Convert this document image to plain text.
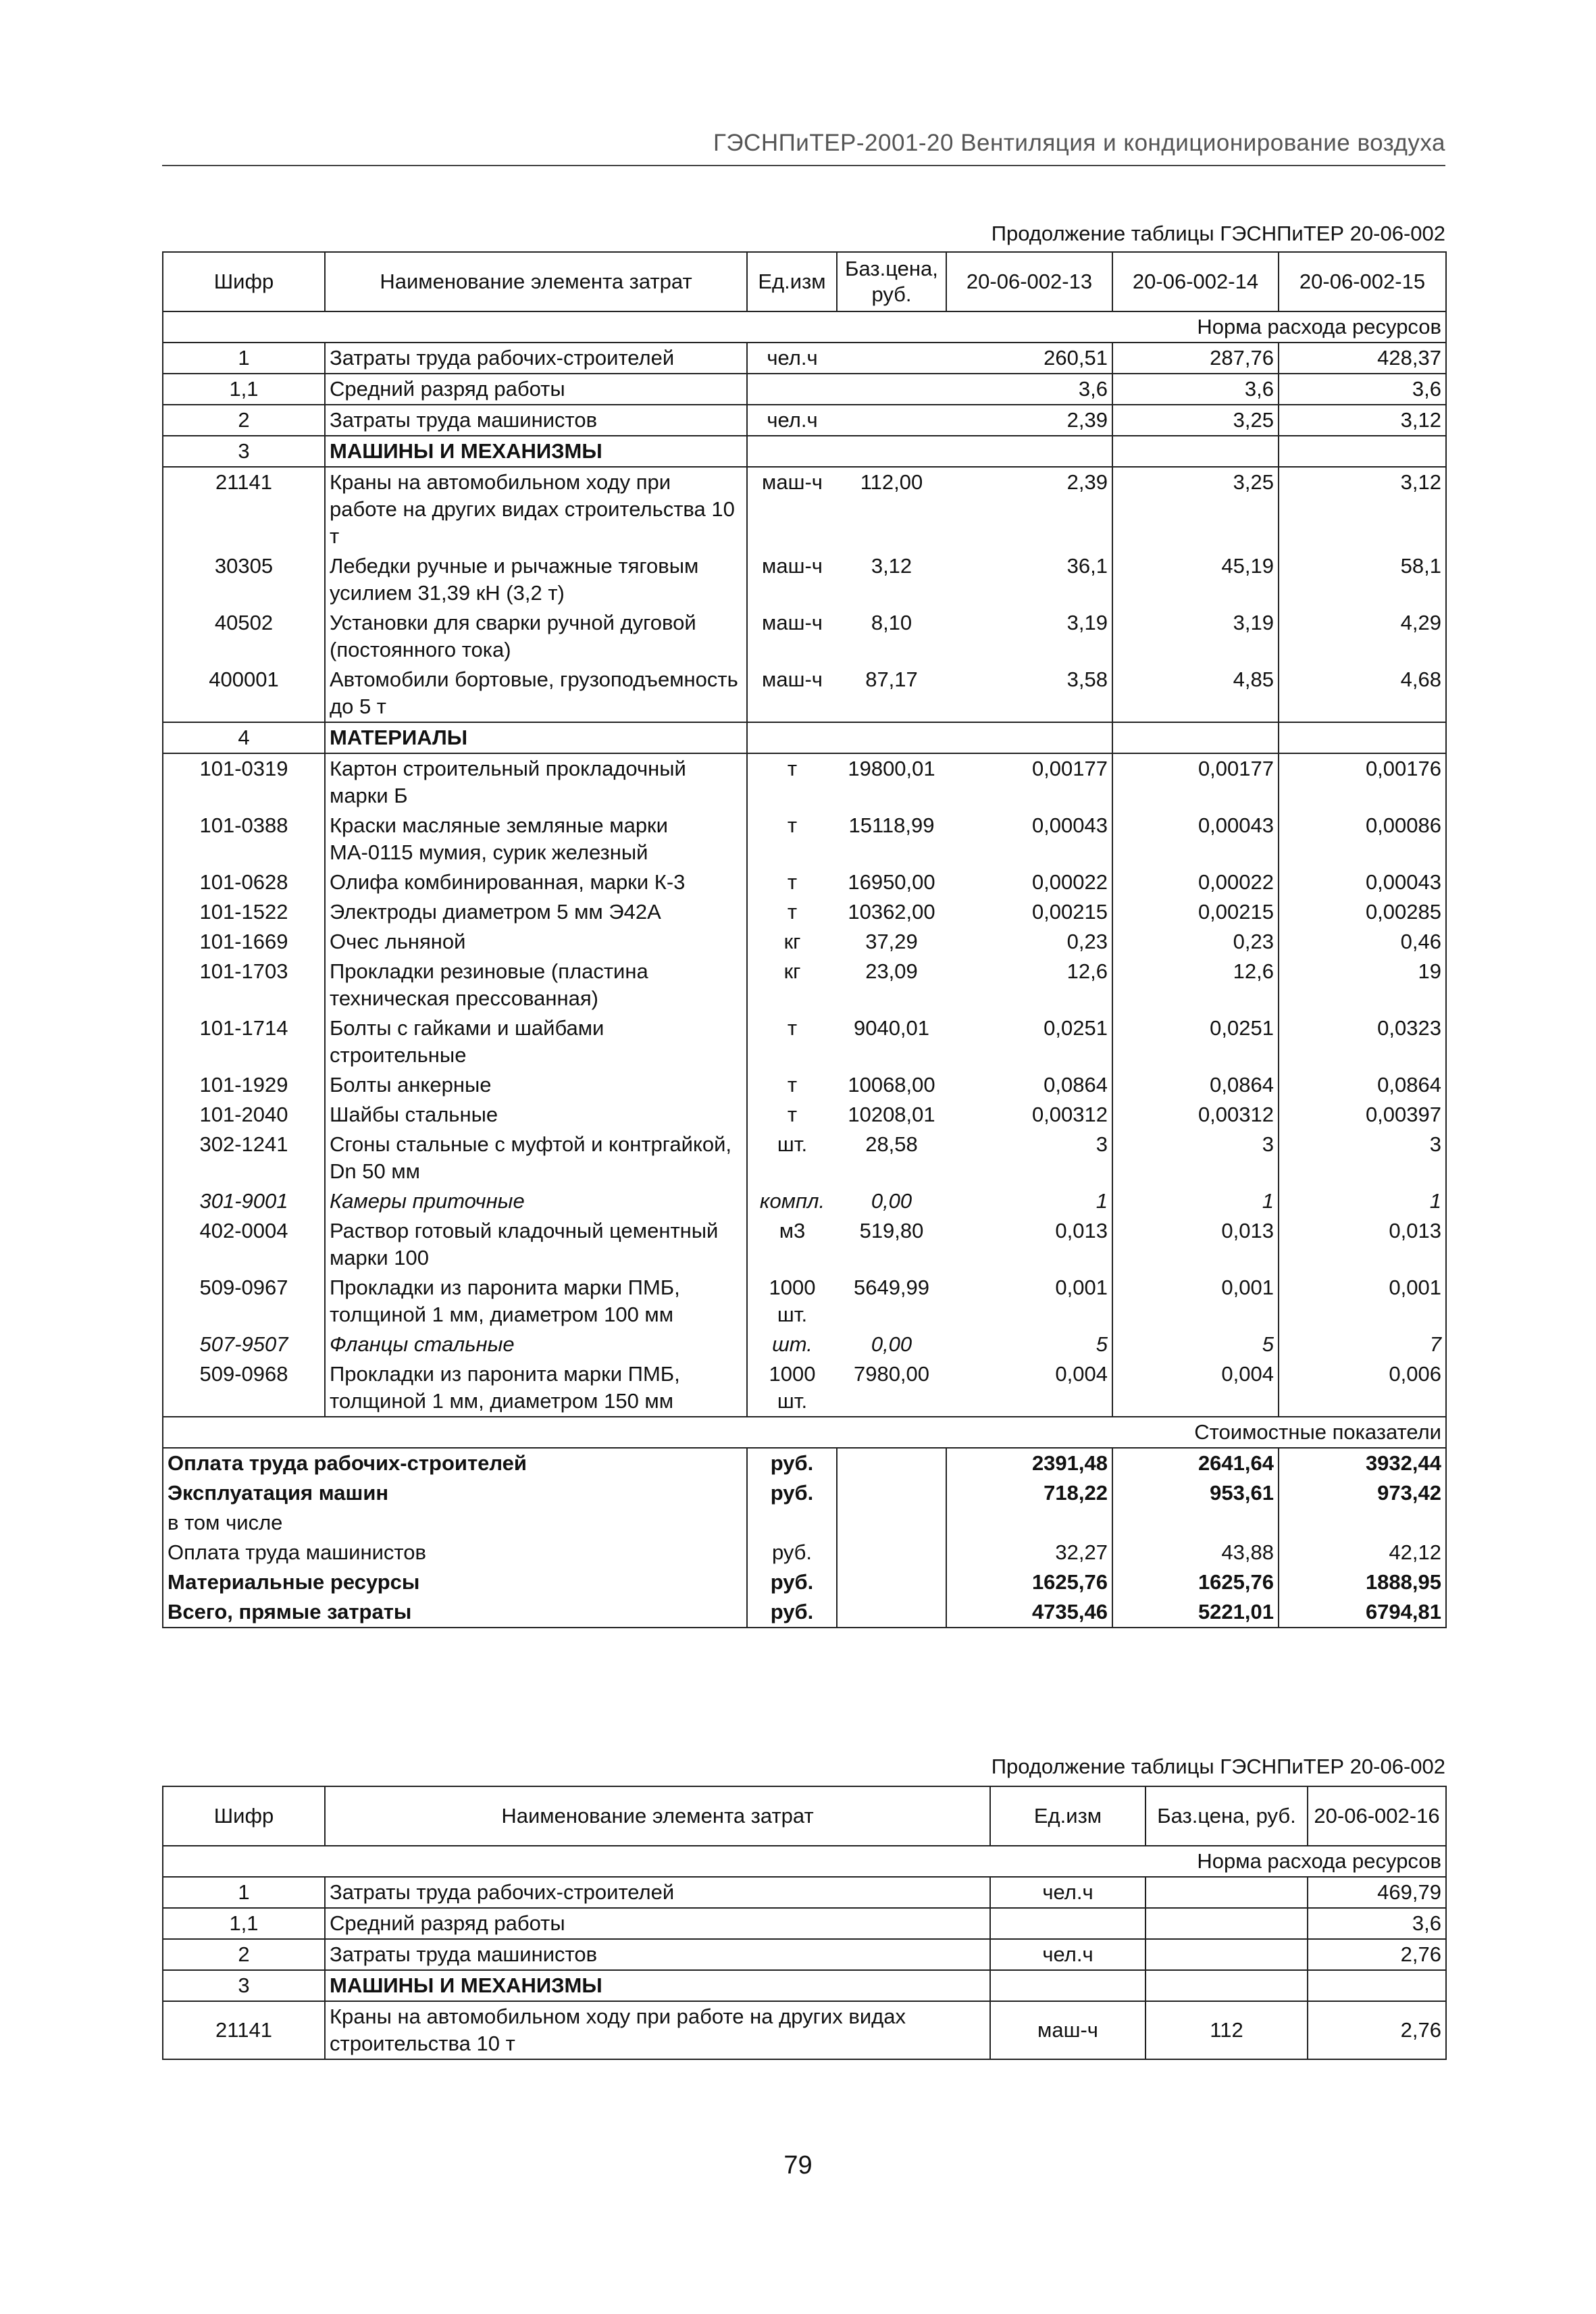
ГЭСНПиТЕР-2001-20 Вентиляция и кондиционирование воздуха
Продолжение таблицы ГЭСНПиТЕР 20-06-002
Шифр	Наименование элемента затрат	Ед.изм	Баз.цена, руб.	20-06-002-13	20-06-002-14	20-06-002-15
Норма расхода ресурсов						
1	Затраты труда рабочих-строителей	чел.ч		260,51	287,76	428,37
1,1	Средний разряд работы			3,6	3,6	3,6
2	Затраты труда машинистов	чел.ч		2,39	3,25	3,12
3	МАШИНЫ И МЕХАНИЗМЫ					
21141	Краны на автомобильном ходу при работе на других видах строительства 10 т	маш-ч	112,00	2,39	3,25	3,12
30305	Лебедки ручные и рычажные тяговым усилием 31,39 кН (3,2 т)	маш-ч	3,12	36,1	45,19	58,1
40502	Установки для сварки ручной дуговой (постоянного тока)	маш-ч	8,10	3,19	3,19	4,29
400001	Автомобили бортовые, грузоподъемность до 5 т	маш-ч	87,17	3,58	4,85	4,68
4	МАТЕРИАЛЫ					
101-0319	Картон строительный прокладочный марки Б	т	19800,01	0,00177	0,00177	0,00176
101-0388	Краски масляные земляные марки МА-0115 мумия, сурик железный	т	15118,99	0,00043	0,00043	0,00086
101-0628	Олифа комбинированная, марки К-3	т	16950,00	0,00022	0,00022	0,00043
101-1522	Электроды диаметром 5 мм Э42А	т	10362,00	0,00215	0,00215	0,00285
101-1669	Очес льняной	кг	37,29	0,23	0,23	0,46
101-1703	Прокладки резиновые (пластина техническая прессованная)	кг	23,09	12,6	12,6	19
101-1714	Болты с гайками и шайбами строительные	т	9040,01	0,0251	0,0251	0,0323
101-1929	Болты анкерные	т	10068,00	0,0864	0,0864	0,0864
101-2040	Шайбы стальные	т	10208,01	0,00312	0,00312	0,00397
302-1241	Сгоны стальные с муфтой и контргайкой, Dn 50 мм	шт.	28,58	3	3	3
301-9001	Камеры приточные	компл.	0,00	1	1	1
402-0004	Раствор готовый кладочный цементный марки 100	м3	519,80	0,013	0,013	0,013
509-0967	Прокладки из паронита марки ПМБ, толщиной 1 мм, диаметром 100 мм	1000 шт.	5649,99	0,001	0,001	0,001
507-9507	Фланцы стальные	шт.	0,00	5	5	7
509-0968	Прокладки из паронита марки ПМБ, толщиной 1 мм, диаметром 150 мм	1000 шт.	7980,00	0,004	0,004	0,006
Стоимостные показатели						
Оплата труда рабочих-строителей		руб.		2391,48	2641,64	3932,44
Эксплуатация машин		руб.		718,22	953,61	973,42
в том числе						
Оплата труда машинистов		руб.		32,27	43,88	42,12
Материальные ресурсы		руб.		1625,76	1625,76	1888,95
Всего, прямые затраты		руб.		4735,46	5221,01	6794,81
Продолжение таблицы ГЭСНПиТЕР 20-06-002
Шифр	Наименование элемента затрат	Ед.изм	Баз.цена, руб.	20-06-002-16
Норма расхода ресурсов				
1	Затраты труда рабочих-строителей	чел.ч		469,79
1,1	Средний разряд работы			3,6
2	Затраты труда машинистов	чел.ч		2,76
3	МАШИНЫ И МЕХАНИЗМЫ			
21141	Краны на автомобильном ходу при работе на других видах строительства 10 т	маш-ч	112	2,76
79
